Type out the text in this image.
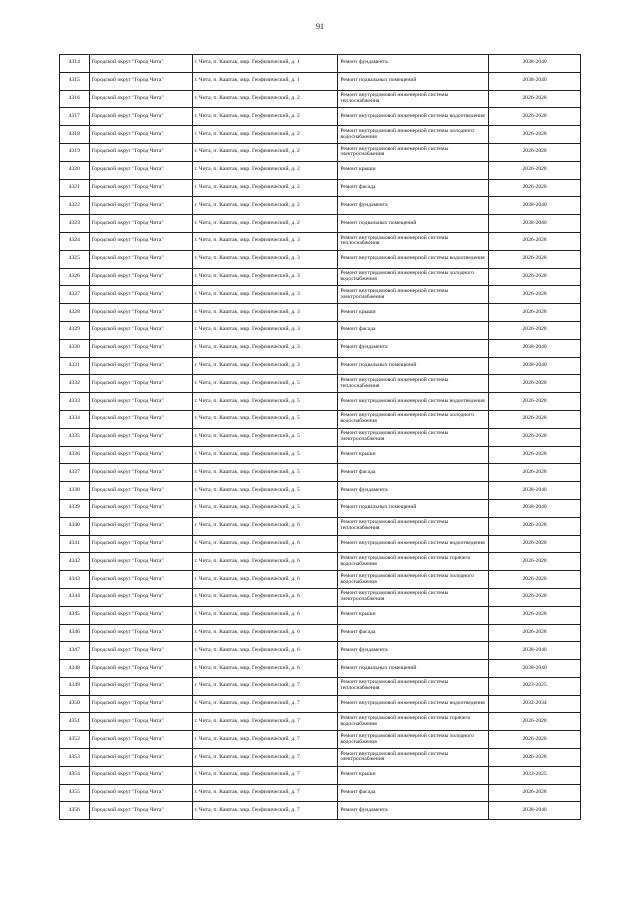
91
4314	Городской округ "Город Чита"	г. Чита, п. Каштак, мкр. Геофизический, д. 1	Ремонт фундамента	2038-2040
4315	Городской округ "Город Чита"	г. Чита, п. Каштак, мкр. Геофизический, д. 1	Ремонт подвальных помещений	2038-2040
4316	Городской округ "Город Чита"	г. Чита, п. Каштак, мкр. Геофизический, д. 2	Ремонт внутридомовой инженерной системы теплоснабжения	2026-2028
4317	Городской округ "Город Чита"	г. Чита, п. Каштак, мкр. Геофизический, д. 2	Ремонт внутридомовой инженерной системы водоотведения	2026-2028
4318	Городской округ "Город Чита"	г. Чита, п. Каштак, мкр. Геофизический, д. 2	Ремонт внутридомовой инженерной системы холодного водоснабжения	2026-2028
4319	Городской округ "Город Чита"	г. Чита, п. Каштак, мкр. Геофизический, д. 2	Ремонт внутридомовой инженерной системы электроснабжения	2026-2028
4320	Городской округ "Город Чита"	г. Чита, п. Каштак, мкр. Геофизический, д. 2	Ремонт крыши	2026-2028
4321	Городской округ "Город Чита"	г. Чита, п. Каштак, мкр. Геофизический, д. 2	Ремонт фасада	2026-2028
4322	Городской округ "Город Чита"	г. Чита, п. Каштак, мкр. Геофизический, д. 2	Ремонт фундамента	2038-2040
4323	Городской округ "Город Чита"	г. Чита, п. Каштак, мкр. Геофизический, д. 2	Ремонт подвальных помещений	2038-2040
4324	Городской округ "Город Чита"	г. Чита, п. Каштак, мкр. Геофизический, д. 3	Ремонт внутридомовой инженерной системы теплоснабжения	2026-2028
4325	Городской округ "Город Чита"	г. Чита, п. Каштак, мкр. Геофизический, д. 3	Ремонт внутридомовой инженерной системы водоотведения	2026-2028
4326	Городской округ "Город Чита"	г. Чита, п. Каштак, мкр. Геофизический, д. 3	Ремонт внутридомовой инженерной системы холодного водоснабжения	2026-2028
4327	Городской округ "Город Чита"	г. Чита, п. Каштак, мкр. Геофизический, д. 3	Ремонт внутридомовой инженерной системы электроснабжения	2026-2028
4328	Городской округ "Город Чита"	г. Чита, п. Каштак, мкр. Геофизический, д. 3	Ремонт крыши	2026-2028
4329	Городской округ "Город Чита"	г. Чита, п. Каштак, мкр. Геофизический, д. 3	Ремонт фасада	2026-2028
4330	Городской округ "Город Чита"	г. Чита, п. Каштак, мкр. Геофизический, д. 3	Ремонт фундамента	2038-2040
4331	Городской округ "Город Чита"	г. Чита, п. Каштак, мкр. Геофизический, д. 3	Ремонт подвальных помещений	2038-2040
4332	Городской округ "Город Чита"	г. Чита, п. Каштак, мкр. Геофизический, д. 5	Ремонт внутридомовой инженерной системы теплоснабжения	2026-2028
4333	Городской округ "Город Чита"	г. Чита, п. Каштак, мкр. Геофизический, д. 5	Ремонт внутридомовой инженерной системы водоотведения	2026-2028
4334	Городской округ "Город Чита"	г. Чита, п. Каштак, мкр. Геофизический, д. 5	Ремонт внутридомовой инженерной системы холодного водоснабжения	2026-2028
4335	Городской округ "Город Чита"	г. Чита, п. Каштак, мкр. Геофизический, д. 5	Ремонт внутридомовой инженерной системы электроснабжения	2026-2028
4336	Городской округ "Город Чита"	г. Чита, п. Каштак, мкр. Геофизический, д. 5	Ремонт крыши	2026-2028
4337	Городской округ "Город Чита"	г. Чита, п. Каштак, мкр. Геофизический, д. 5	Ремонт фасада	2026-2028
4338	Городской округ "Город Чита"	г. Чита, п. Каштак, мкр. Геофизический, д. 5	Ремонт фундамента	2038-2040
4339	Городской округ "Город Чита"	г. Чита, п. Каштак, мкр. Геофизический, д. 5	Ремонт подвальных помещений	2038-2040
4340	Городской округ "Город Чита"	г. Чита, п. Каштак, мкр. Геофизический, д. 6	Ремонт внутридомовой инженерной системы теплоснабжения	2026-2028
4341	Городской округ "Город Чита"	г. Чита, п. Каштак, мкр. Геофизический, д. 6	Ремонт внутридомовой инженерной системы водоотведения	2026-2028
4342	Городской округ "Город Чита"	г. Чита, п. Каштак, мкр. Геофизический, д. 6	Ремонт внутридомовой инженерной системы горячего водоснабжения	2026-2028
4343	Городской округ "Город Чита"	г. Чита, п. Каштак, мкр. Геофизический, д. 6	Ремонт внутридомовой инженерной системы холодного водоснабжения	2026-2028
4344	Городской округ "Город Чита"	г. Чита, п. Каштак, мкр. Геофизический, д. 6	Ремонт внутридомовой инженерной системы электроснабжения	2026-2028
4345	Городской округ "Город Чита"	г. Чита, п. Каштак, мкр. Геофизический, д. 6	Ремонт крыши	2026-2028
4346	Городской округ "Город Чита"	г. Чита, п. Каштак, мкр. Геофизический, д. 6	Ремонт фасада	2026-2028
4347	Городской округ "Город Чита"	г. Чита, п. Каштак, мкр. Геофизический, д. 6	Ремонт фундамента	2038-2040
4348	Городской округ "Город Чита"	г. Чита, п. Каштак, мкр. Геофизический, д. 6	Ремонт подвальных помещений	2038-2040
4349	Городской округ "Город Чита"	г. Чита, п. Каштак, мкр. Геофизический, д. 7	Ремонт внутридомовой инженерной системы теплоснабжения	2023-2025
4350	Городской округ "Город Чита"	г. Чита, п. Каштак, мкр. Геофизический, д. 7	Ремонт внутридомовой инженерной системы водоотведения	2032-2034
4351	Городской округ "Город Чита"	г. Чита, п. Каштак, мкр. Геофизический, д. 7	Ремонт внутридомовой инженерной системы горячего водоснабжения	2026-2028
4352	Городской округ "Город Чита"	г. Чита, п. Каштак, мкр. Геофизический, д. 7	Ремонт внутридомовой инженерной системы холодного водоснабжения	2026-2028
4353	Городской округ "Город Чита"	г. Чита, п. Каштак, мкр. Геофизический, д. 7	Ремонт внутридомовой инженерной системы электроснабжения	2026-2028
4354	Городской округ "Город Чита"	г. Чита, п. Каштак, мкр. Геофизический, д. 7	Ремонт крыши	2023-2025
4355	Городской округ "Город Чита"	г. Чита, п. Каштак, мкр. Геофизический, д. 7	Ремонт фасада	2026-2028
4356	Городской округ "Город Чита"	г. Чита, п. Каштак, мкр. Геофизический, д. 7	Ремонт фундамента	2038-2040
